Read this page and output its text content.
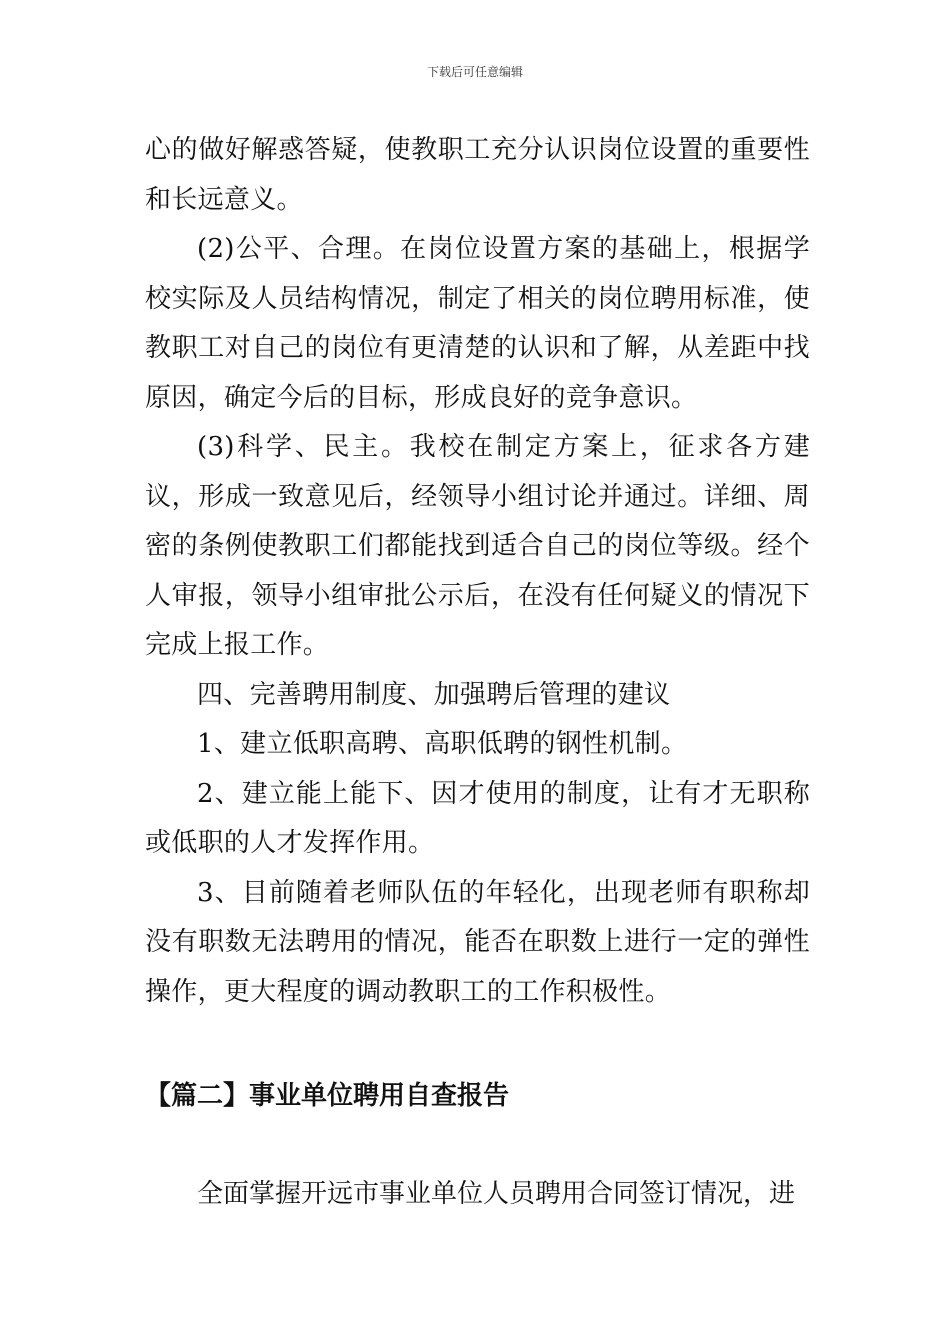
下载后可任意编辑

心的做好解惑答疑，使教职工充分认识岗位设置的重要性和长远意义。

(2)公平、合理。在岗位设置方案的基础上，根据学校实际及人员结构情况，制定了相关的岗位聘用标准，使教职工对自己的岗位有更清楚的认识和了解，从差距中找原因，确定今后的目标，形成良好的竞争意识。

(3)科学、民主。我校在制定方案上，征求各方建议，形成一致意见后，经领导小组讨论并通过。详细、周密的条例使教职工们都能找到适合自己的岗位等级。经个人审报，领导小组审批公示后，在没有任何疑义的情况下完成上报工作。

四、完善聘用制度、加强聘后管理的建议

1、建立低职高聘、高职低聘的钢性机制。

2、建立能上能下、因才使用的制度，让有才无职称或低职的人才发挥作用。

3、目前随着老师队伍的年轻化，出现老师有职称却没有职数无法聘用的情况，能否在职数上进行一定的弹性操作，更大程度的调动教职工的工作积极性。

【篇二】事业单位聘用自查报告

全面掌握开远市事业单位人员聘用合同签订情况，进
